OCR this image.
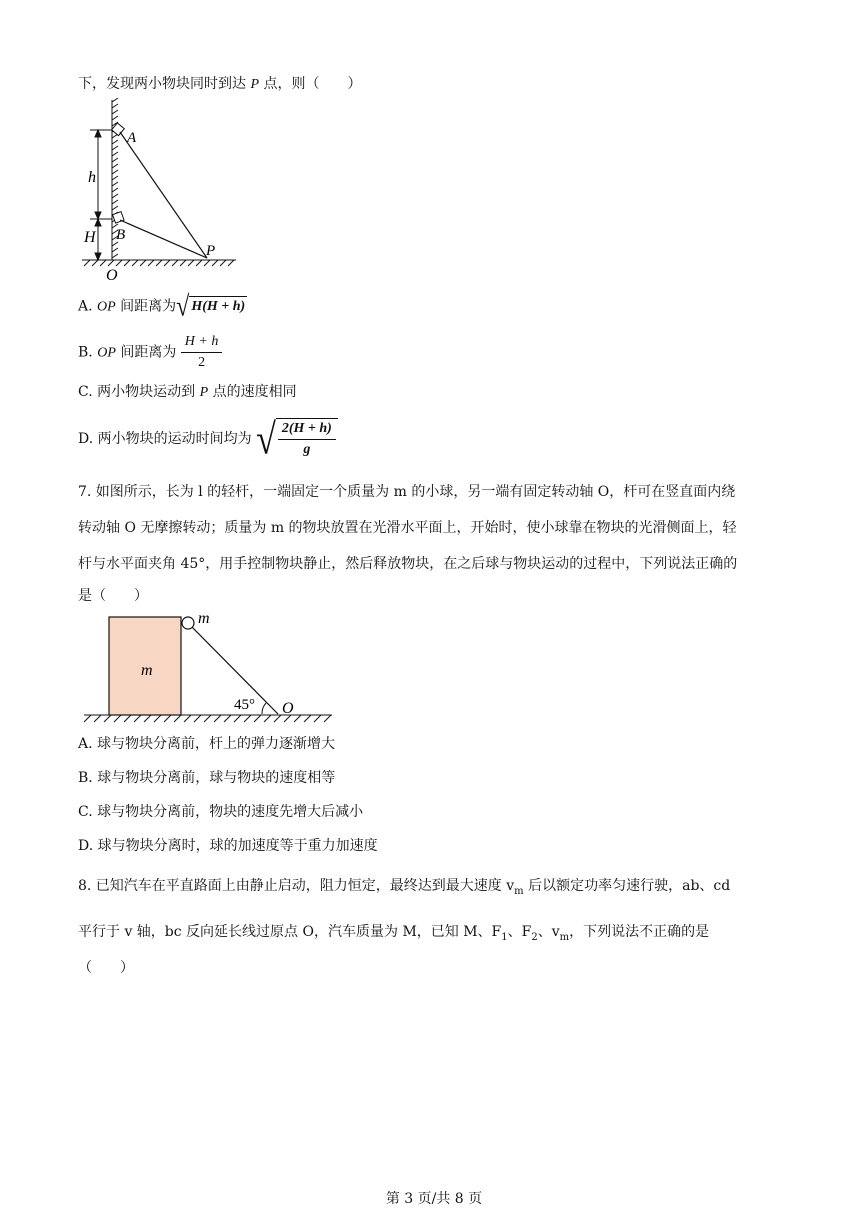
下，发现两小物块同时到达 P 点，则（　　）
A
B
P
h
H
O
A. OP 间距离为√ H(H + h)
B. OP 间距离为 $\frac{H + h}{2}$
C. 两小物块运动到 P 点的速度相同
D. 两小物块的运动时间均为 √ $\frac{2(H + h)}{g}$
7. 如图所示，长为 l 的轻杆，一端固定一个质量为 m 的小球，另一端有固定转动轴 O，杆可在竖直面内绕
转动轴 O 无摩擦转动；质量为 m 的物块放置在光滑水平面上，开始时，使小球靠在物块的光滑侧面上，轻
杆与水平面夹角 45°，用手控制物块静止，然后释放物块，在之后球与物块运动的过程中，下列说法正确的
是（　　）
m
m
45° O
A. 球与物块分离前，杆上的弹力逐渐增大
B. 球与物块分离前，球与物块的速度相等
C. 球与物块分离前，物块的速度先增大后减小
D. 球与物块分离时，球的加速度等于重力加速度
8. 已知汽车在平直路面上由静止启动，阻力恒定，最终达到最大速度 $v_m$ 后以额定功率匀速行驶，ab、cd
平行于 v 轴，bc 反向延长线过原点 O，汽车质量为 M，已知 M、$F_1$、$F_2$、$v_m$，下列说法不正确的是
（　　）
第 3 页/共 8 页
